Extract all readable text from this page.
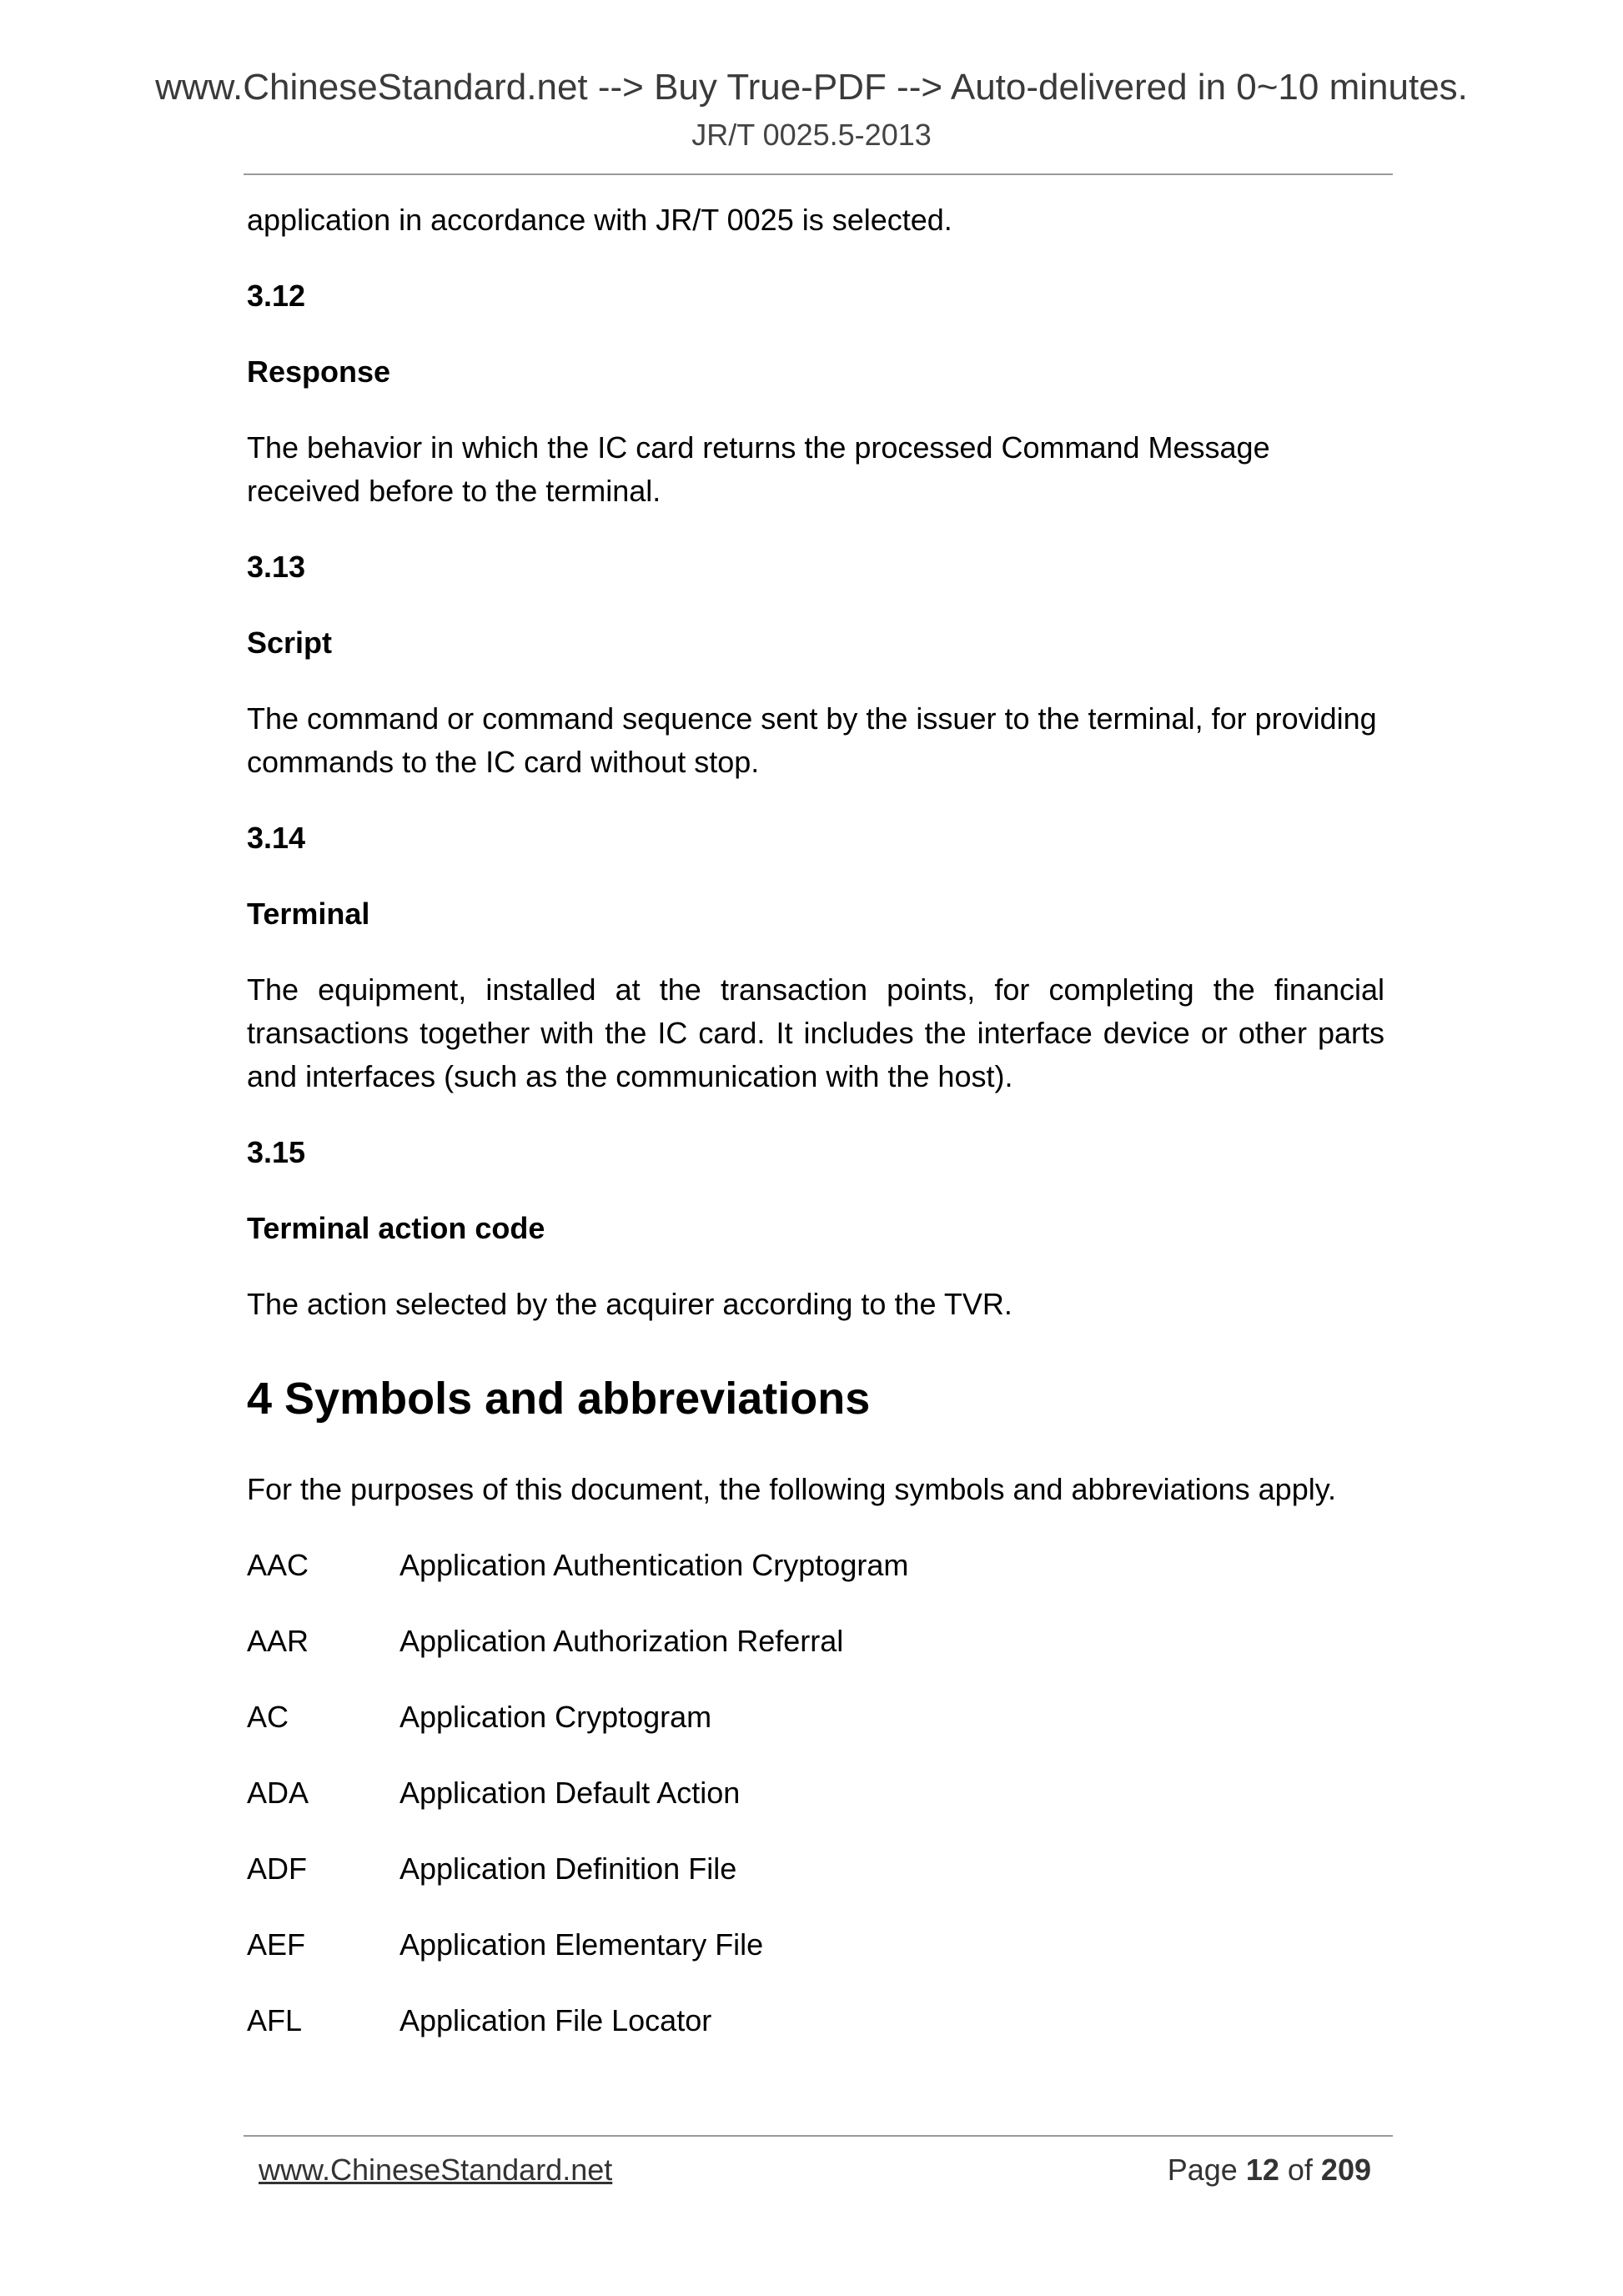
www.ChineseStandard.net --> Buy True-PDF --> Auto-delivered in 0~10 minutes.
JR/T 0025.5-2013

application in accordance with JR/T 0025 is selected.

3.12

Response

The behavior in which the IC card returns the processed Command Message received before to the terminal.

3.13

Script

The command or command sequence sent by the issuer to the terminal, for providing commands to the IC card without stop.

3.14

Terminal

The equipment, installed at the transaction points, for completing the financial transactions together with the IC card. It includes the interface device or other parts and interfaces (such as the communication with the host).

3.15

Terminal action code

The action selected by the acquirer according to the TVR.

4 Symbols and abbreviations

For the purposes of this document, the following symbols and abbreviations apply.

AAC	Application Authentication Cryptogram
AAR	Application Authorization Referral
AC	Application Cryptogram
ADA	Application Default Action
ADF	Application Definition File
AEF	Application Elementary File
AFL	Application File Locator
www.ChineseStandard.net	Page 12 of 209
